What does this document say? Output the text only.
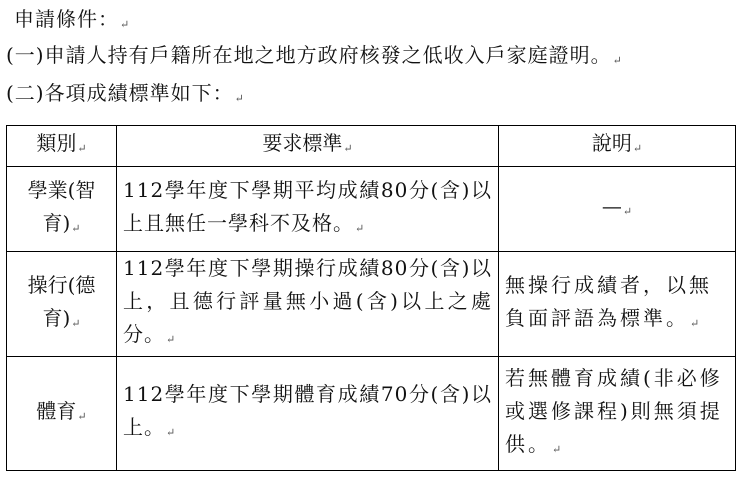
申請條件：↵
(一)申請人持有戶籍所在地之地方政府核發之低收入戶家庭證明。↵
(二)各項成績標準如下：↵
類別↵	要求標準↵	說明↵
學業(智育)↵	112學年度下學期平均成績80分(含)以上且無任一學科不及格。↵	—↵
操行(德育)↵	112學年度下學期操行成績80分(含)以上，且德行評量無小過(含)以上之處分。↵	無操行成績者，以無負面評語為標準。↵
體育↵	112學年度下學期體育成績70分(含)以上。↵	若無體育成績(非必修或選修課程)則無須提供。↵
